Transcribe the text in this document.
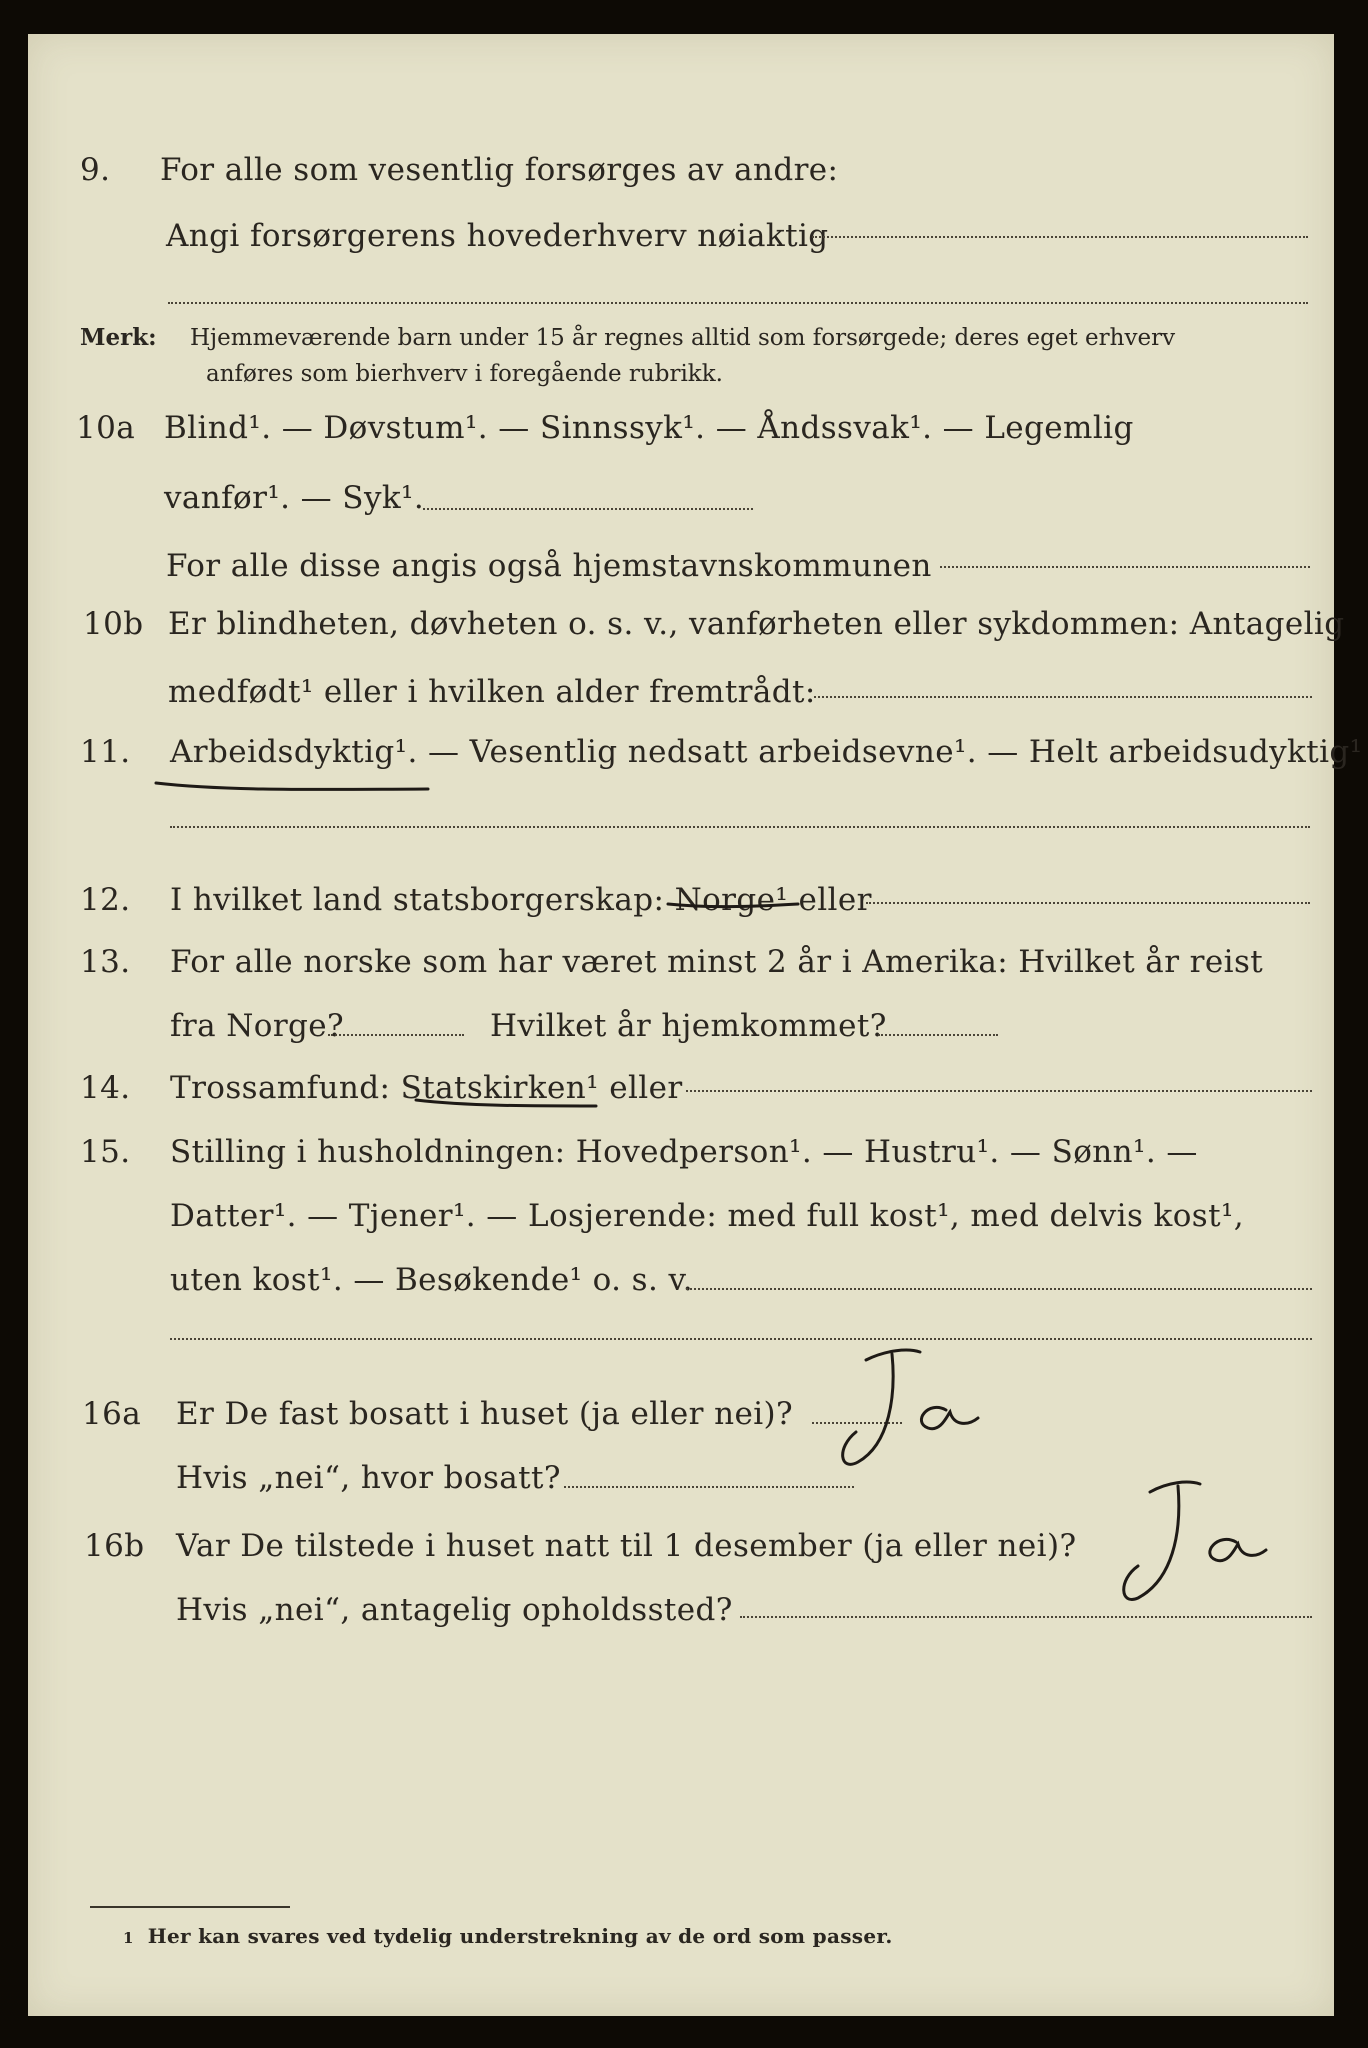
9. For alle som vesentlig forsørges av andre:
Angi forsørgerens hovederhverv nøiaktig
Merk: Hjemmeværende barn under 15 år regnes alltid som forsørgede; deres eget erhverv
anføres som bierhverv i foregående rubrikk.
10a Blind¹. — Døvstum¹. — Sinnssyk¹. — Åndssvak¹. — Legemlig
vanfør¹. — Syk¹.
For alle disse angis også hjemstavnskommunen
10b Er blindheten, døvheten o. s. v., vanførheten eller sykdommen: Antagelig
medfødt¹ eller i hvilken alder fremtrådt:
11. Arbeidsdyktig¹. — Vesentlig nedsatt arbeidsevne¹. — Helt arbeidsudyktig¹
12. I hvilket land statsborgerskap: Norge¹ eller
13. For alle norske som har været minst 2 år i Amerika: Hvilket år reist
fra Norge?	Hvilket år hjemkommet?
14. Trossamfund: Statskirken¹ eller
15. Stilling i husholdningen: Hovedperson¹. — Hustru¹. — Sønn¹. —
Datter¹. — Tjener¹. — Losjerende: med full kost¹, med delvis kost¹,
uten kost¹. — Besøkende¹ o. s. v.
16a Er De fast bosatt i huset (ja eller nei)?
Hvis „nei“, hvor bosatt?
16b Var De tilstede i huset natt til 1 desember (ja eller nei)?
Hvis „nei“, antagelig opholdssted?
1 Her kan svares ved tydelig understrekning av de ord som passer.
